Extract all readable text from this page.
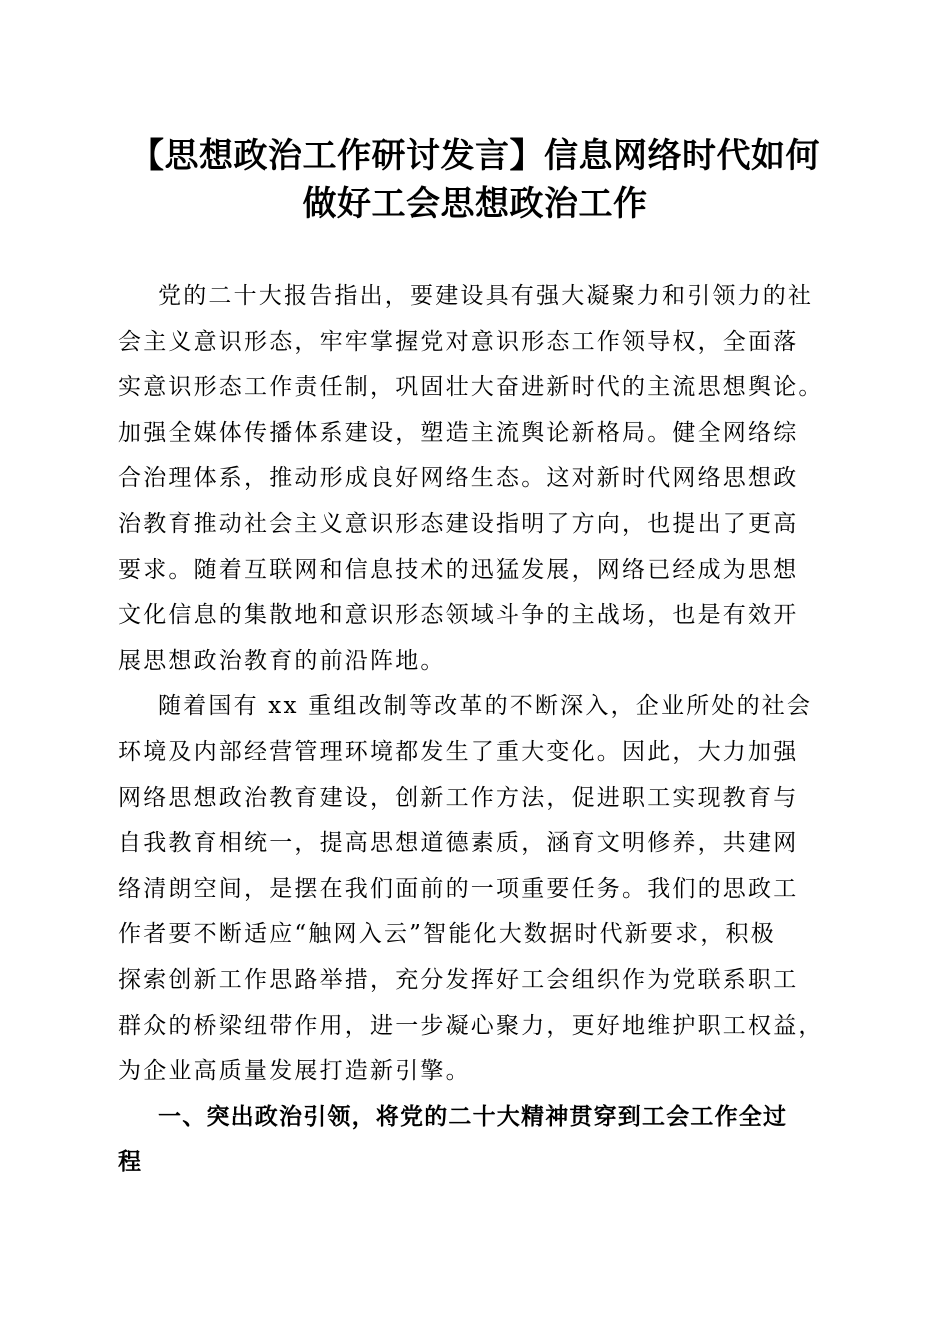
【思想政治工作研讨发言】信息网络时代如何
做好工会思想政治工作
党的二十大报告指出，要建设具有强大凝聚力和引领力的社
会主义意识形态，牢牢掌握党对意识形态工作领导权，全面落
实意识形态工作责任制，巩固壮大奋进新时代的主流思想舆论。
加强全媒体传播体系建设，塑造主流舆论新格局。健全网络综
合治理体系，推动形成良好网络生态。这对新时代网络思想政
治教育推动社会主义意识形态建设指明了方向，也提出了更高
要求。随着互联网和信息技术的迅猛发展，网络已经成为思想
文化信息的集散地和意识形态领域斗争的主战场，也是有效开
展思想政治教育的前沿阵地。
随着国有 xx 重组改制等改革的不断深入，企业所处的社会
环境及内部经营管理环境都发生了重大变化。因此，大力加强
网络思想政治教育建设，创新工作方法，促进职工实现教育与
自我教育相统一，提高思想道德素质，涵育文明修养，共建网
络清朗空间，是摆在我们面前的一项重要任务。我们的思政工
作者要不断适应“触网入云”智能化大数据时代新要求，积极
探索创新工作思路举措，充分发挥好工会组织作为党联系职工
群众的桥梁纽带作用，进一步凝心聚力，更好地维护职工权益，
为企业高质量发展打造新引擎。
一、突出政治引领，将党的二十大精神贯穿到工会工作全过
程
